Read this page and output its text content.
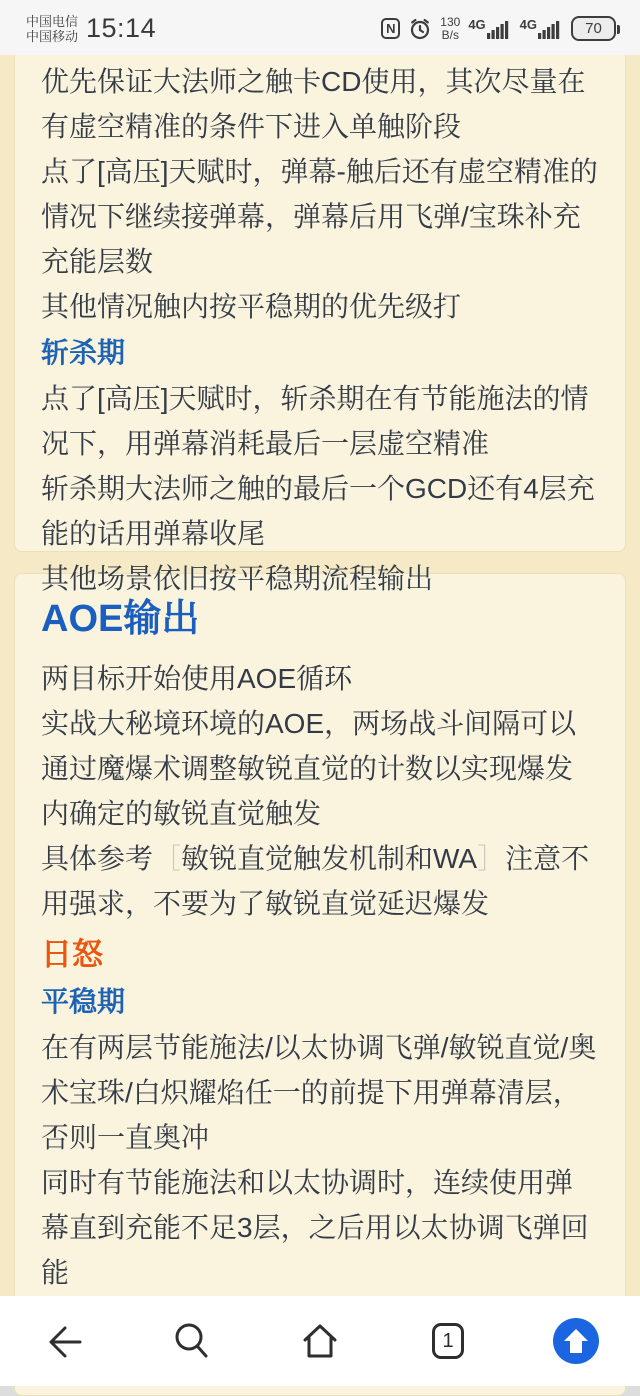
中国电信
中国移动 15:14	N	130
B/s
4G	4G	70

优先保证大法师之触卡CD使用，其次尽量在有虚空精准的条件下进入单触阶段

点了[高压]天赋时，弹幕-触后还有虚空精准的情况下继续接弹幕，弹幕后用飞弹/宝珠补充充能层数

其他情况触内按平稳期的优先级打

斩杀期

点了[高压]天赋时，斩杀期在有节能施法的情况下，用弹幕消耗最后一层虚空精准

斩杀期大法师之触的最后一个GCD还有4层充能的话用弹幕收尾

其他场景依旧按平稳期流程输出

AOE输出

两目标开始使用AOE循环

实战大秘境环境的AOE，两场战斗间隔可以通过魔爆术调整敏锐直觉的计数以实现爆发内确定的敏锐直觉触发

具体参考［敏锐直觉触发机制和WA］注意不用强求，不要为了敏锐直觉延迟爆发

日怒
平稳期

在有两层节能施法/以太协调飞弹/敏锐直觉/奥术宝珠/白炽耀焰任一的前提下用弹幕清层，否则一直奥冲

同时有节能施法和以太协调时，连续使用弹幕直到充能不足3层，之后用以太协调飞弹回能

1
